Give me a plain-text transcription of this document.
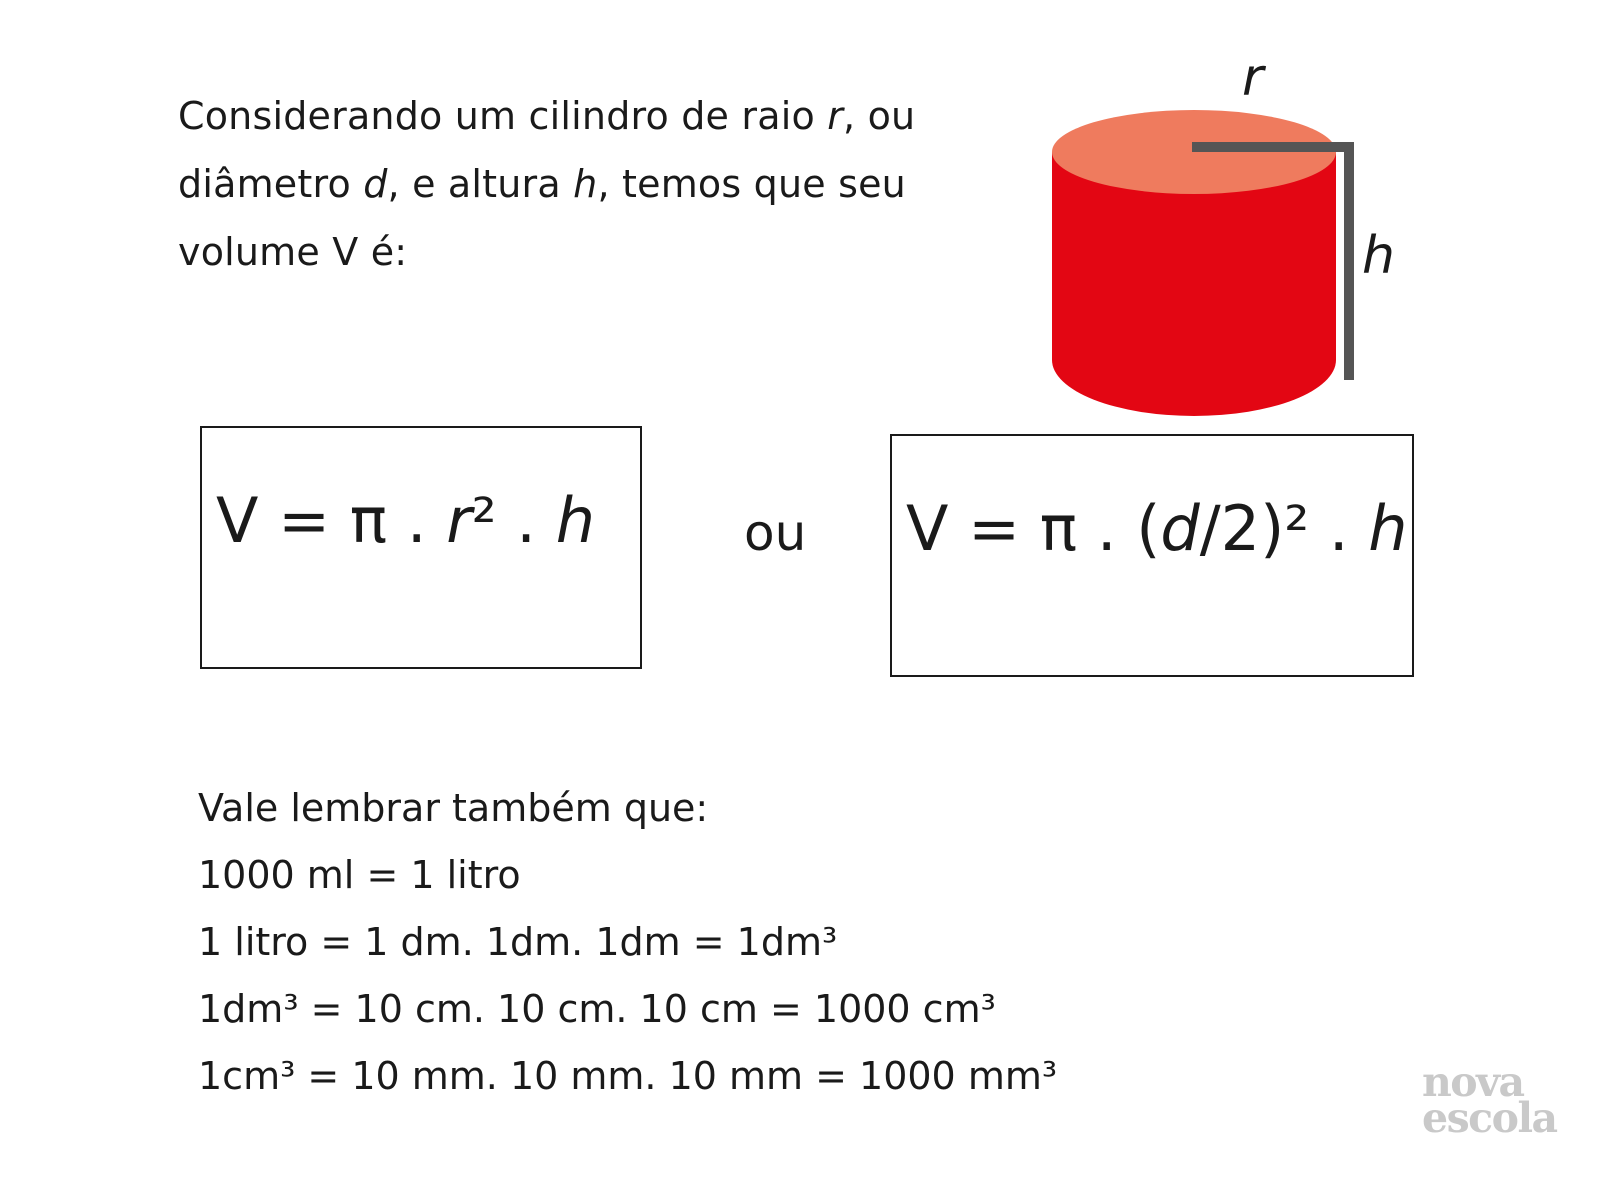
Considerando um cilindro de raio r, ou

diâmetro d, e altura h, temos que seu

volume V é:

r
h
V = π . r² . h	ou V = π . (d/2)² . h

Vale lembrar também que:

1000 ml = 1 litro

1 litro = 1 dm. 1dm. 1dm = 1dm³

1dm³ = 10 cm. 10 cm. 10 cm = 1000 cm³

1cm³ = 10 mm. 10 mm. 10 mm = 1000 mm³	nova
escola
